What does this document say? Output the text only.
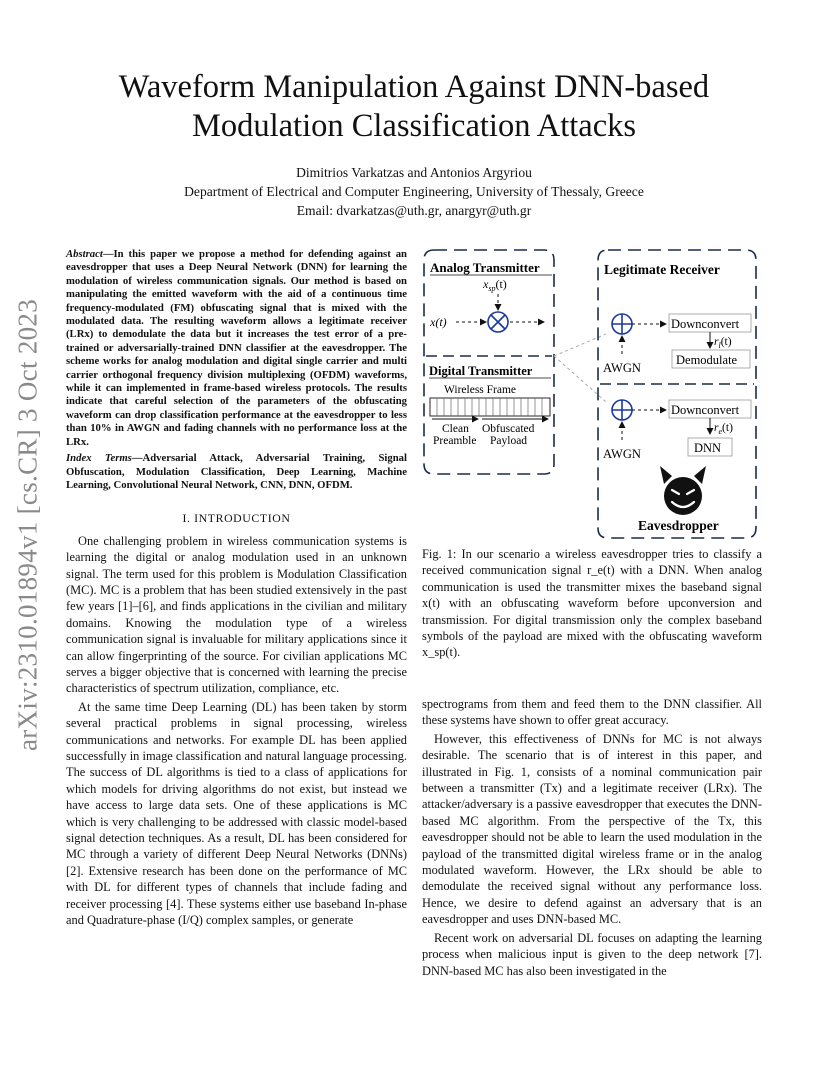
arXiv:2310.01894v1 [cs.CR] 3 Oct 2023
Waveform Manipulation Against DNN-based
Modulation Classification Attacks
Dimitrios Varkatzas and Antonios Argyriou
Department of Electrical and Computer Engineering, University of Thessaly, Greece
Email: dvarkatzas@uth.gr, anargyr@uth.gr
Abstract—In this paper we propose a method for defending against an eavesdropper that uses a Deep Neural Network (DNN) for learning the modulation of wireless communication signals. Our method is based on manipulating the emitted waveform with the aid of a continuous time frequency-modulated (FM) obfuscating signal that is mixed with the modulated data. The resulting waveform allows a legitimate receiver (LRx) to demodulate the data but it increases the test error of a pre-trained or adversarially-trained DNN classifier at the eavesdropper. The scheme works for analog modulation and digital single carrier and multi carrier orthogonal frequency division multiplexing (OFDM) waveforms, while it can implemented in frame-based wireless protocols. The results indicate that careful selection of the parameters of the obfuscating waveform can drop classification performance at the eavesdropper to less than 10% in AWGN and fading channels with no performance loss at the LRx.
Index Terms—Adversarial Attack, Adversarial Training, Signal Obfuscation, Modulation Classification, Deep Learning, Machine Learning, Convolutional Neural Network, CNN, DNN, OFDM.
I. INTRODUCTION
One challenging problem in wireless communication systems is learning the digital or analog modulation used in an unknown signal. The term used for this problem is Modulation Classification (MC). MC is a problem that has been studied extensively in the past few years [1]–[6], and finds applications in the civilian and military domains. Knowing the modulation type of a wireless communication signal is invaluable for military applications since it can allow fingerprinting of the source. For civilian applications MC serves a bigger objective that is concerned with learning the precise characteristics of spectrum utilization, compliance, etc.
At the same time Deep Learning (DL) has been taken by storm several practical problems in signal processing, wireless communications and networks. For example DL has been applied successfully in image classification and natural language processing. The success of DL algorithms is tied to a class of applications for which models for driving algorithms do not exist, but instead we have access to large data sets. One of these applications is MC which is very challenging to be addressed with classic model-based signal detection techniques. As a result, DL has been considered for MC through a variety of different Deep Neural Networks (DNNs) [2]. Extensive research has been done on the performance of MC with DL for different types of channels that include fading and receiver processing [4]. These systems either use baseband In-phase and Quadrature-phase (I/Q) complex samples, or generate
Analog Transmitter
$x_{sp}(t)$
x(t)
Digital Transmitter
Wireless Frame
Clean
Preamble
Obfuscated
Payload
Legitimate Receiver
Downconvert
$r_l(t)$
Demodulate
AWGN
Downconvert
$r_e(t)$
DNN
AWGN
Eavesdropper
Fig. 1: In our scenario a wireless eavesdropper tries to classify a received communication signal r_e(t) with a DNN. When analog communication is used the transmitter mixes the baseband signal x(t) with an obfuscating waveform before upconversion and transmission. For digital transmission only the complex baseband symbols of the payload are mixed with the obfuscating waveform x_sp(t).
spectrograms from them and feed them to the DNN classifier. All these systems have shown to offer great accuracy.
However, this effectiveness of DNNs for MC is not always desirable. The scenario that is of interest in this paper, and illustrated in Fig. 1, consists of a nominal communication pair between a transmitter (Tx) and a legitimate receiver (LRx). The attacker/adversary is a passive eavesdropper that executes the DNN-based MC algorithm. From the perspective of the Tx, this eavesdropper should not be able to learn the used modulation in the payload of the transmitted digital wireless frame or in the analog modulated waveform. However, the LRx should be able to demodulate the received signal without any performance loss. Hence, we desire to defend against an adversary that is an eavesdropper and uses DNN-based MC.
Recent work on adversarial DL focuses on adapting the learning process when malicious input is given to the deep network [7]. DNN-based MC has also been investigated in the
